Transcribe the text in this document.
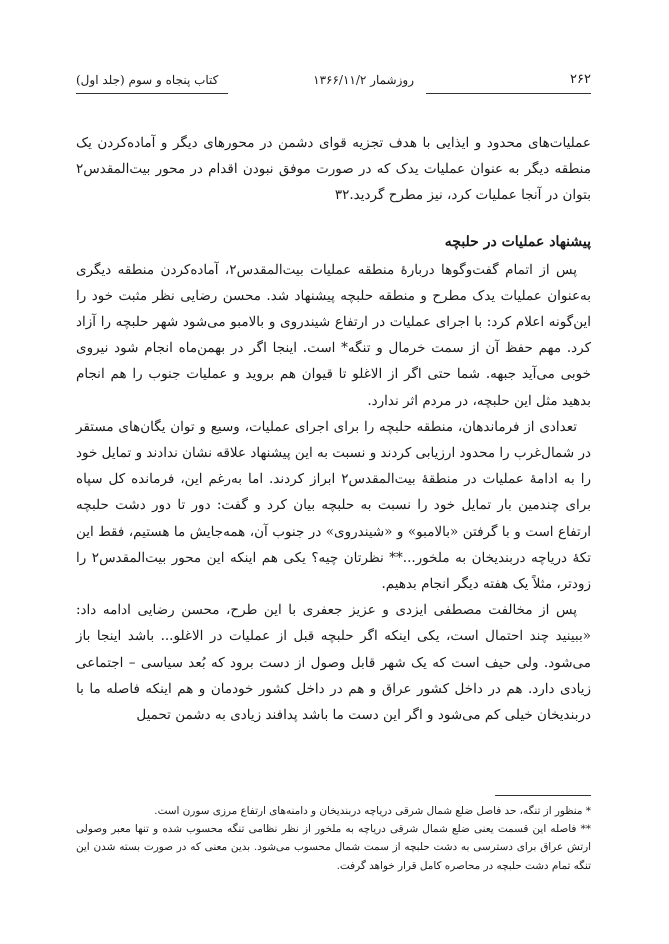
۲۶۲
روزشمار ۱۳۶۶/۱۱/۲
کتاب پنجاه و سوم (جلد اول)

عملیات‌های محدود و ایذایی با هدف تجزیه قوای دشمن در محورهای دیگر و آماده‌کردن یک منطقه دیگر به عنوان عملیات یدک که در صورت موفق نبودن اقدام در محور بیت‌المقدس۲ بتوان در آنجا عملیات کرد، نیز مطرح گردید.۳۲

پیشنهاد عملیات در حلبچه

پس از اتمام گفت‌وگوها دربارهٔ منطقه عملیات بیت‌المقدس۲، آماده‌کردن منطقه دیگری به‌عنوان عملیات یدک مطرح و منطقه حلبچه پیشنهاد شد. محسن رضایی نظر مثبت خود را این‌گونه اعلام کرد: با اجرای عملیات در ارتفاع شیندروی و بالامبو می‌شود شهر حلبچه را آزاد کرد. مهم حفظ آن از سمت خرمال و تنگه* است. اینجا اگر در بهمن‌ماه انجام شود نیروی خوبی می‌آید جبهه. شما حتی اگر از الاغلو تا قیوان هم بروید و عملیات جنوب را هم انجام بدهید مثل این حلبچه، در مردم اثر ندارد.

تعدادی از فرماندهان، منطقه حلبچه را برای اجرای عملیات، وسیع و توان یگان‌های مستقر در شمال‌غرب را محدود ارزیابی کردند و نسبت به این پیشنهاد علاقه نشان ندادند و تمایل خود را به ادامهٔ عملیات در منطقهٔ بیت‌المقدس۲ ابراز کردند. اما به‌رغم این، فرمانده کل سپاه برای چندمین بار تمایل خود را نسبت به حلبچه بیان کرد و گفت: دور تا دور دشت حلبچه ارتفاع است و با گرفتن «بالامبو» و «شیندروی» در جنوب آن، همه‌جایش ما هستیم، فقط این تکهٔ دریاچه دربندیخان به ملخور...** نظرتان چیه؟ یکی هم اینکه این محور بیت‌المقدس۲ را زودتر، مثلاً یک هفته دیگر انجام بدهیم.

پس از مخالفت مصطفی ایزدی و عزیز جعفری با این طرح، محسن رضایی ادامه داد: «ببینید چند احتمال است، یکی اینکه اگر حلبچه قبل از عملیات در الاغلو... باشد اینجا باز می‌شود. ولی حیف است که یک شهر قابل وصول از دست برود که بُعد سیاسی – اجتماعی زیادی دارد. هم در داخل کشور عراق و هم در داخل کشور خودمان و هم اینکه فاصله ما با دربندیخان خیلی کم می‌شود و اگر این دست ما باشد پدافند زیادی به دشمن تحمیل

* منظور از تنگه، حد فاصل ضلع شمال شرقی دریاچه دربندیخان و دامنه‌های ارتفاع مرزی سورن است.

** فاصله این قسمت یعنی ضلع شمال شرقی دریاچه به ملخور از نظر نظامی تنگه محسوب شده و تنها معبر وصولی ارتش عراق برای دسترسی به دشت حلبچه از سمت شمال محسوب می‌شود. بدین معنی که در صورت بسته شدن این تنگه تمام دشت حلبچه در محاصره کامل قرار خواهد گرفت.
